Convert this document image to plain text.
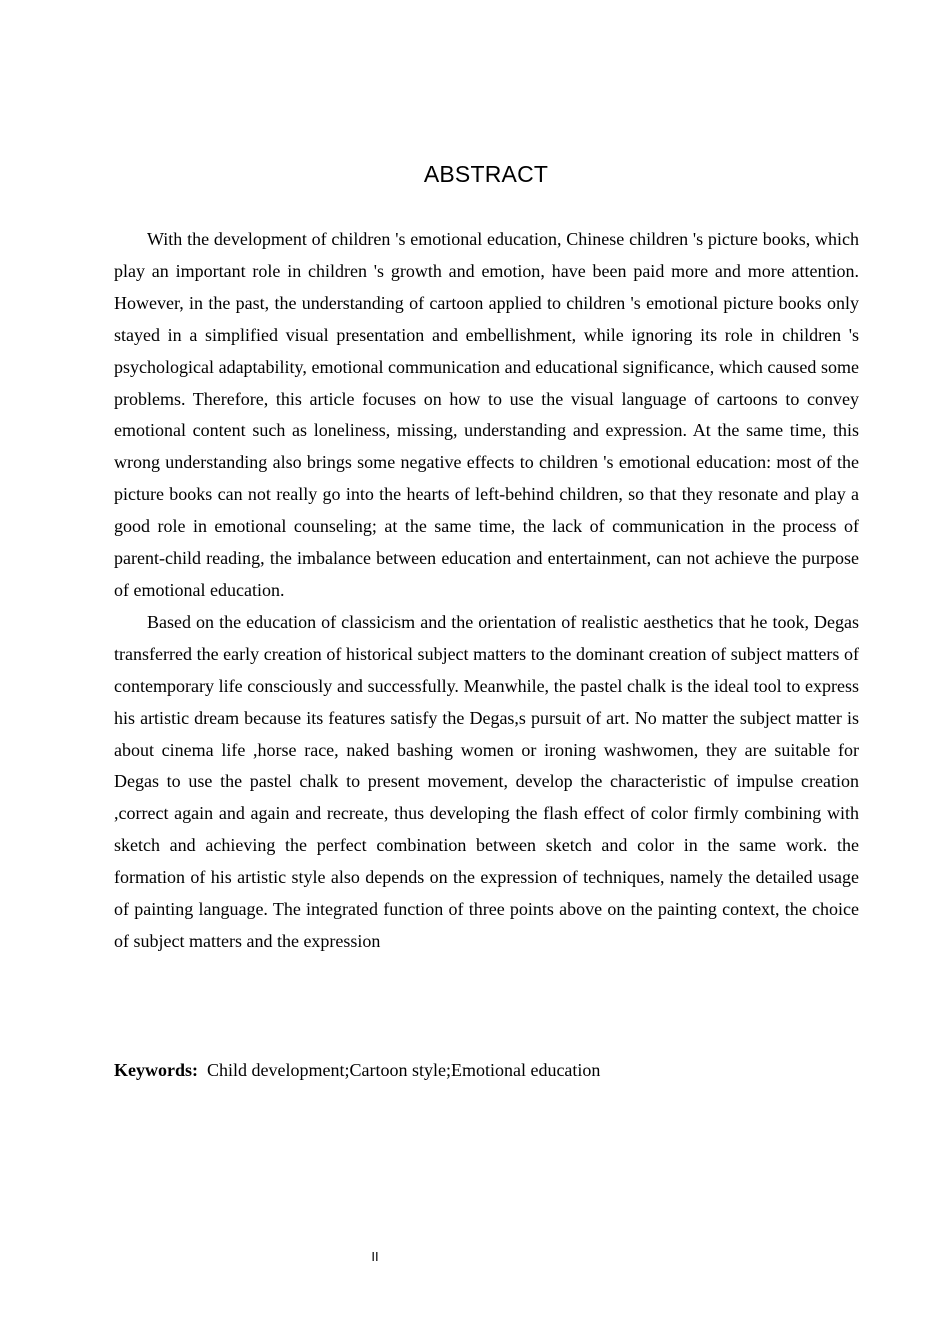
ABSTRACT

With the development of children 's emotional education, Chinese children 's picture books, which play an important role in children 's growth and emotion, have been paid more and more attention. However, in the past, the understanding of cartoon applied to children 's emotional picture books only stayed in a simplified visual presentation and embellishment, while ignoring its role in children 's psychological adaptability, emotional communication and educational significance, which caused some problems. Therefore, this article focuses on how to use the visual language of cartoons to convey emotional content such as loneliness, missing, understanding and expression. At the same time, this wrong understanding also brings some negative effects to children 's emotional education: most of the picture books can not really go into the hearts of left-behind children, so that they resonate and play a good role in emotional counseling; at the same time, the lack of communication in the process of parent-child reading, the imbalance between education and entertainment, can not achieve the purpose of emotional education.

Based on the education of classicism and the orientation of realistic aesthetics that he took, Degas transferred the early creation of historical subject matters to the dominant creation of subject matters of contemporary life consciously and successfully. Meanwhile, the pastel chalk is the ideal tool to express his artistic dream because its features satisfy the Degas,s pursuit of art. No matter the subject matter is about cinema life ,horse race, naked bashing women or ironing washwomen, they are suitable for Degas to use the pastel chalk to present movement, develop the characteristic of impulse creation ,correct again and again and recreate, thus developing the flash effect of color firmly combining with sketch and achieving the perfect combination between sketch and color in the same work. the formation of his artistic style also depends on the expression of techniques, namely the detailed usage of painting language. The integrated function of three points above on the painting context, the choice of subject matters and the expression

Keywords: Child development;Cartoon style;Emotional education
II
